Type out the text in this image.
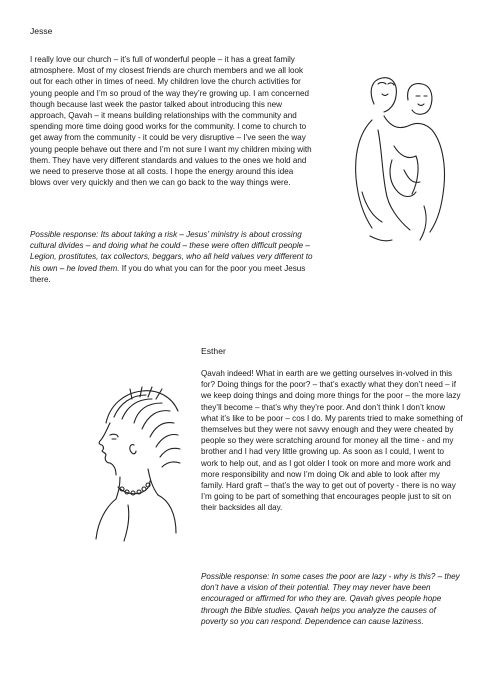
Jesse

I really love our church – it’s full of wonderful people – it has a great family atmosphere. Most of my closest friends are church members and we all look out for each other in times of need. My children love the church activities for young people and I’m so proud of the way they’re growing up. I am concerned though because last week the pastor talked about introducing this new approach, Qavah – it means building relationships with the community and spending more time doing good works for the community. I come to church to get away from the community - it could be very disruptive – I’ve seen the way young people behave out there and I’m not sure I want my children mixing with them. They have very different standards and values to the ones we hold and we need to preserve those at all costs. I hope the energy around this idea blows over very quickly and then we can go back to the way things were.

Possible response: Its about taking a risk – Jesus’ ministry is about crossing cultural divides – and doing what he could – these were often difficult people – Legion, prostitutes, tax collectors, beggars, who all held values very different to his own – he loved them. If you do what you can for the poor you meet Jesus there.

Esther

Qavah indeed! What in earth are we getting ourselves in-volved in this for? Doing things for the poor? – that’s exactly what they don’t need – if we keep doing things and doing more things for the poor – the more lazy they’ll become – that’s why they’re poor. And don’t think I don’t know what it’s like to be poor – cos I do. My parents tried to make something of themselves but they were not savvy enough and they were cheated by people so they were scratching around for money all the time - and my brother and I had very little growing up. As soon as I could, I went to work to help out, and as I got older I took on more and more work and more responsibility and now I’m doing Ok and able to look after my family. Hard graft – that’s the way to get out of poverty - there is no way I’m going to be part of something that encourages people just to sit on their backsides all day.

Possible response: In some cases the poor are lazy - why is this? – they don’t have a vision of their potential. They may never have been encouraged or affirmed for who they are. Qavah gives people hope through the Bible studies. Qavah helps you analyze the causes of poverty so you can respond. Dependence can cause laziness.
